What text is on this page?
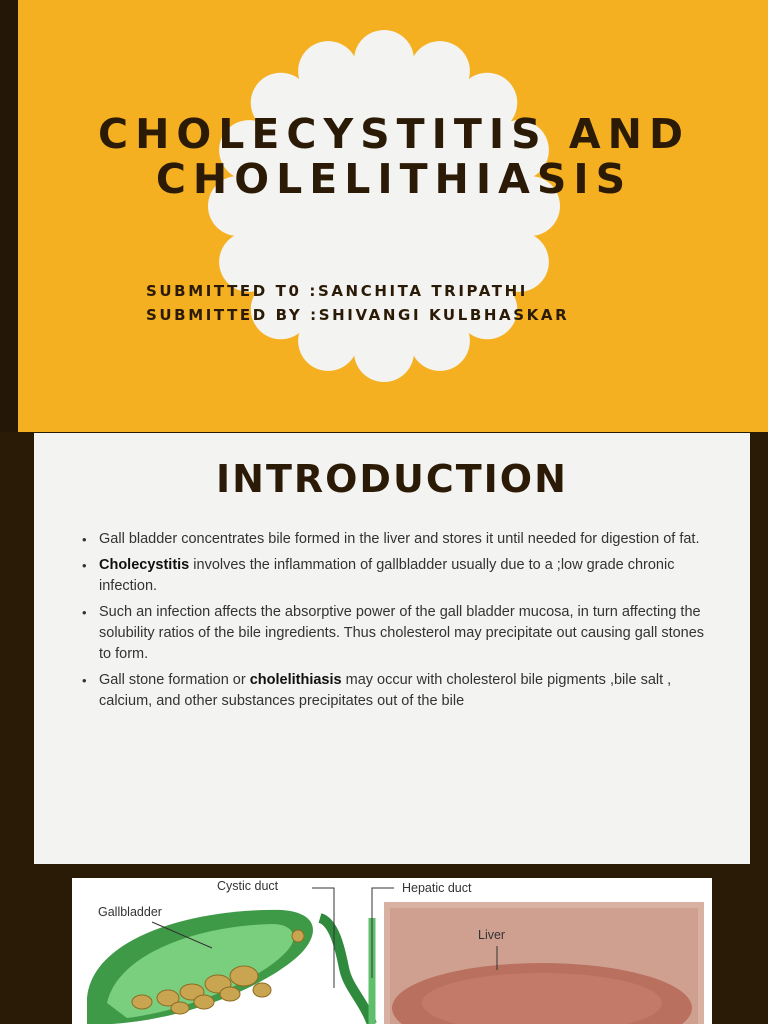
CHOLECYSTITIS AND
CHOLELITHIASIS
SUBMITTED T0 :SANCHITA TRIPATHI
SUBMITTED BY :SHIVANGI KULBHASKAR
INTRODUCTION
• Gall bladder concentrates bile formed in the liver and stores it until needed for digestion of fat.
• Cholecystitis involves the inflammation of gallbladder usually due to a ;low grade chronic infection.
• Such an infection affects the absorptive power of the gall bladder mucosa, in turn affecting the solubility ratios of the bile ingredients. Thus cholesterol may precipitate out causing gall stones to form.
• Gall stone formation or cholelithiasis may occur with cholesterol bile pigments ,bile salt , calcium, and other substances precipitates out of the bile
Cystic duct	Hepatic duct
Gallbladder
Liver
